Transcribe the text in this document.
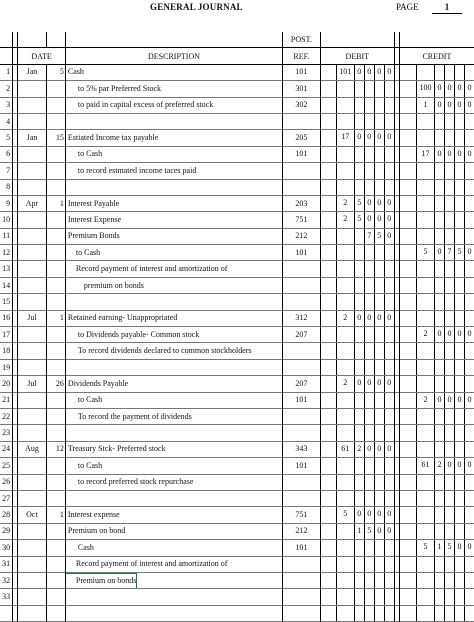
GENERAL JOURNAL	PAGE	1
					POST.			
		DATE		DESCRIPTION	REF.	DEBIT		CREDIT
1		Jan	5	Cash	101	101 0 0 0 0		

2				to 5% par Preferred Stock	301			100 0 0 0 0

3				to paid in capital excess of preferred stock	302			1 0 0 0 0

4						

5		Jan	15	Estiated Income tax payable	205	17 0 0 0 0		

6				to Cash	101			17 0 0 0 0

7				to record estmated income taces paid		

8						

9		Apr	1	Interest Payable	203	2 5 0 0 0		

10				Interest Expense	751	2 5 0 0 0		

11				Premium Bonds	212	7 5 0		

12				to Cash	101			5 0 7 5 0

13				Record payment of interest and amortization of		

14				premium on bonds		

15						

16		Jul	1	Retained earning- Unappropriated	312	2 0 0 0 0		

17				to Dividends payable- Common stock	207			2 0 0 0 0

18				To record dividends declared to common stockholders		

19						

20		Jul	26	Dividends Payable	207	2 0 0 0 0		

21				to Cash	101			2 0 0 0 0

22				To record the payment of dividends		

23						

24		Aug	12	Treasury Stck- Preferred stock	343	61 2 0 0 0		

25				to Cash	101			61 2 0 0 0

26				to record preferred stock repurchase		

27						

28		Oct	1	Interest expense	751	5 0 0 0 0		

29				Premium on bond	212	1 5 0 0		

30				Cash	101			5 1 5 0 0

31				Record payment of interest and amortization of		

32				Premium on bonds		

33						
